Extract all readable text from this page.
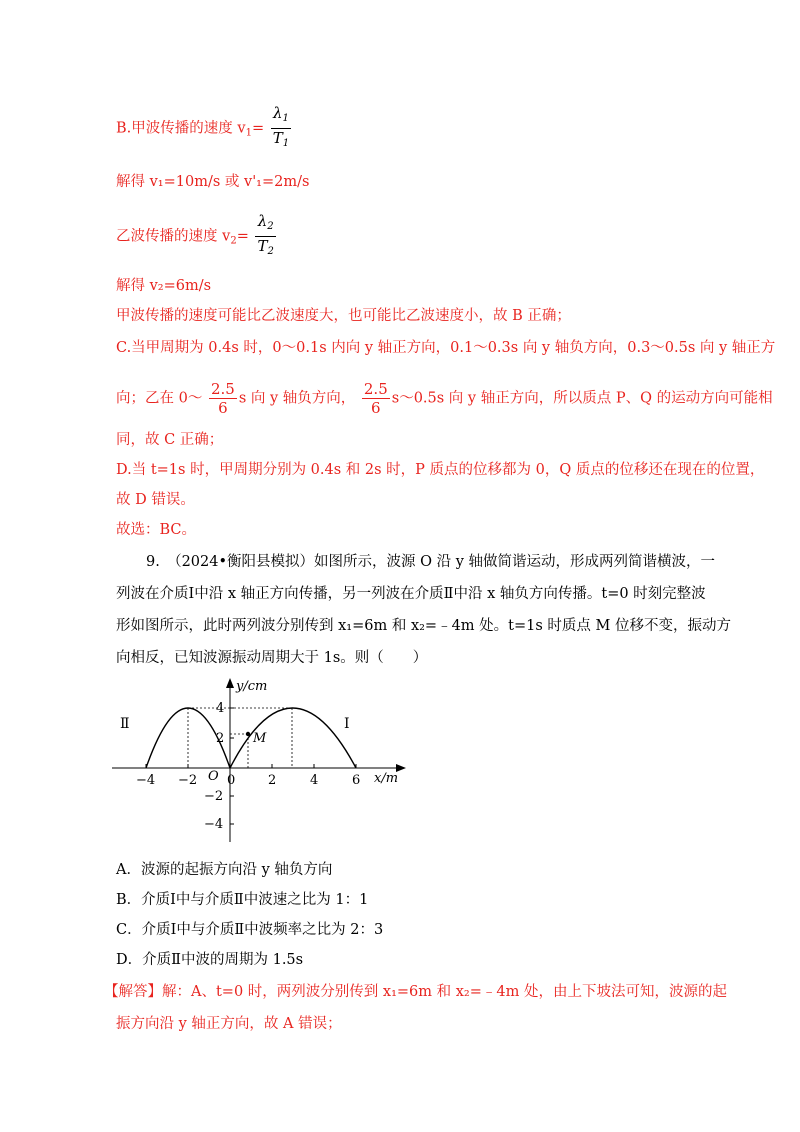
B.甲波传播的速度 $v_1= \frac{\lambda_1}{T_1}$
解得 v₁=10m/s 或 v'₁=2m/s
乙波传播的速度 $v_2= \frac{\lambda_2}{T_2}$
解得 v₂=6m/s
甲波传播的速度可能比乙波速度大，也可能比乙波速度小，故 B 正确；
C.当甲周期为 0.4s 时，0～0.1s 内向 y 轴正方向，0.1～0.3s 向 y 轴负方向，0.3～0.5s 向 y 轴正方
向；乙在 0～ $\frac{2.5}{6}$ s 向 y 轴负方向， $\frac{2.5}{6}$ s～0.5s 向 y 轴正方向，所以质点 P、Q 的运动方向可能相
同，故 C 正确；
D.当 t=1s 时，甲周期分别为 0.4s 和 2s 时，P 质点的位移都为 0，Q 质点的位移还在现在的位置，
故 D 错误。
故选：BC。
9.　（2024•衡阳县模拟）如图所示，波源 O 沿 y 轴做简谐运动，形成两列简谐横波，一
列波在介质Ⅰ中沿 x 轴正方向传播，另一列波在介质Ⅱ中沿 x 轴负方向传播。t=0 时刻完整波
形如图所示，此时两列波分别传到 x₁=6m 和 x₂=﹣4m 处。t=1s 时质点 M 位移不变，振动方
向相反，已知波源振动周期大于 1s。则（　　）
y/cm
x/m
O
Ⅱ	Ⅰ
M
−4 −2 0	2	4	6
4
2
−2
−4
A．波源的起振方向沿 y 轴负方向
B．介质Ⅰ中与介质Ⅱ中波速之比为 1：1
C．介质Ⅰ中与介质Ⅱ中波频率之比为 2：3
D．介质Ⅱ中波的周期为 1.5s
【解答】解：A、t=0 时，两列波分别传到 x₁=6m 和 x₂=﹣4m 处，由上下坡法可知，波源的起
振方向沿 y 轴正方向，故 A 错误；
